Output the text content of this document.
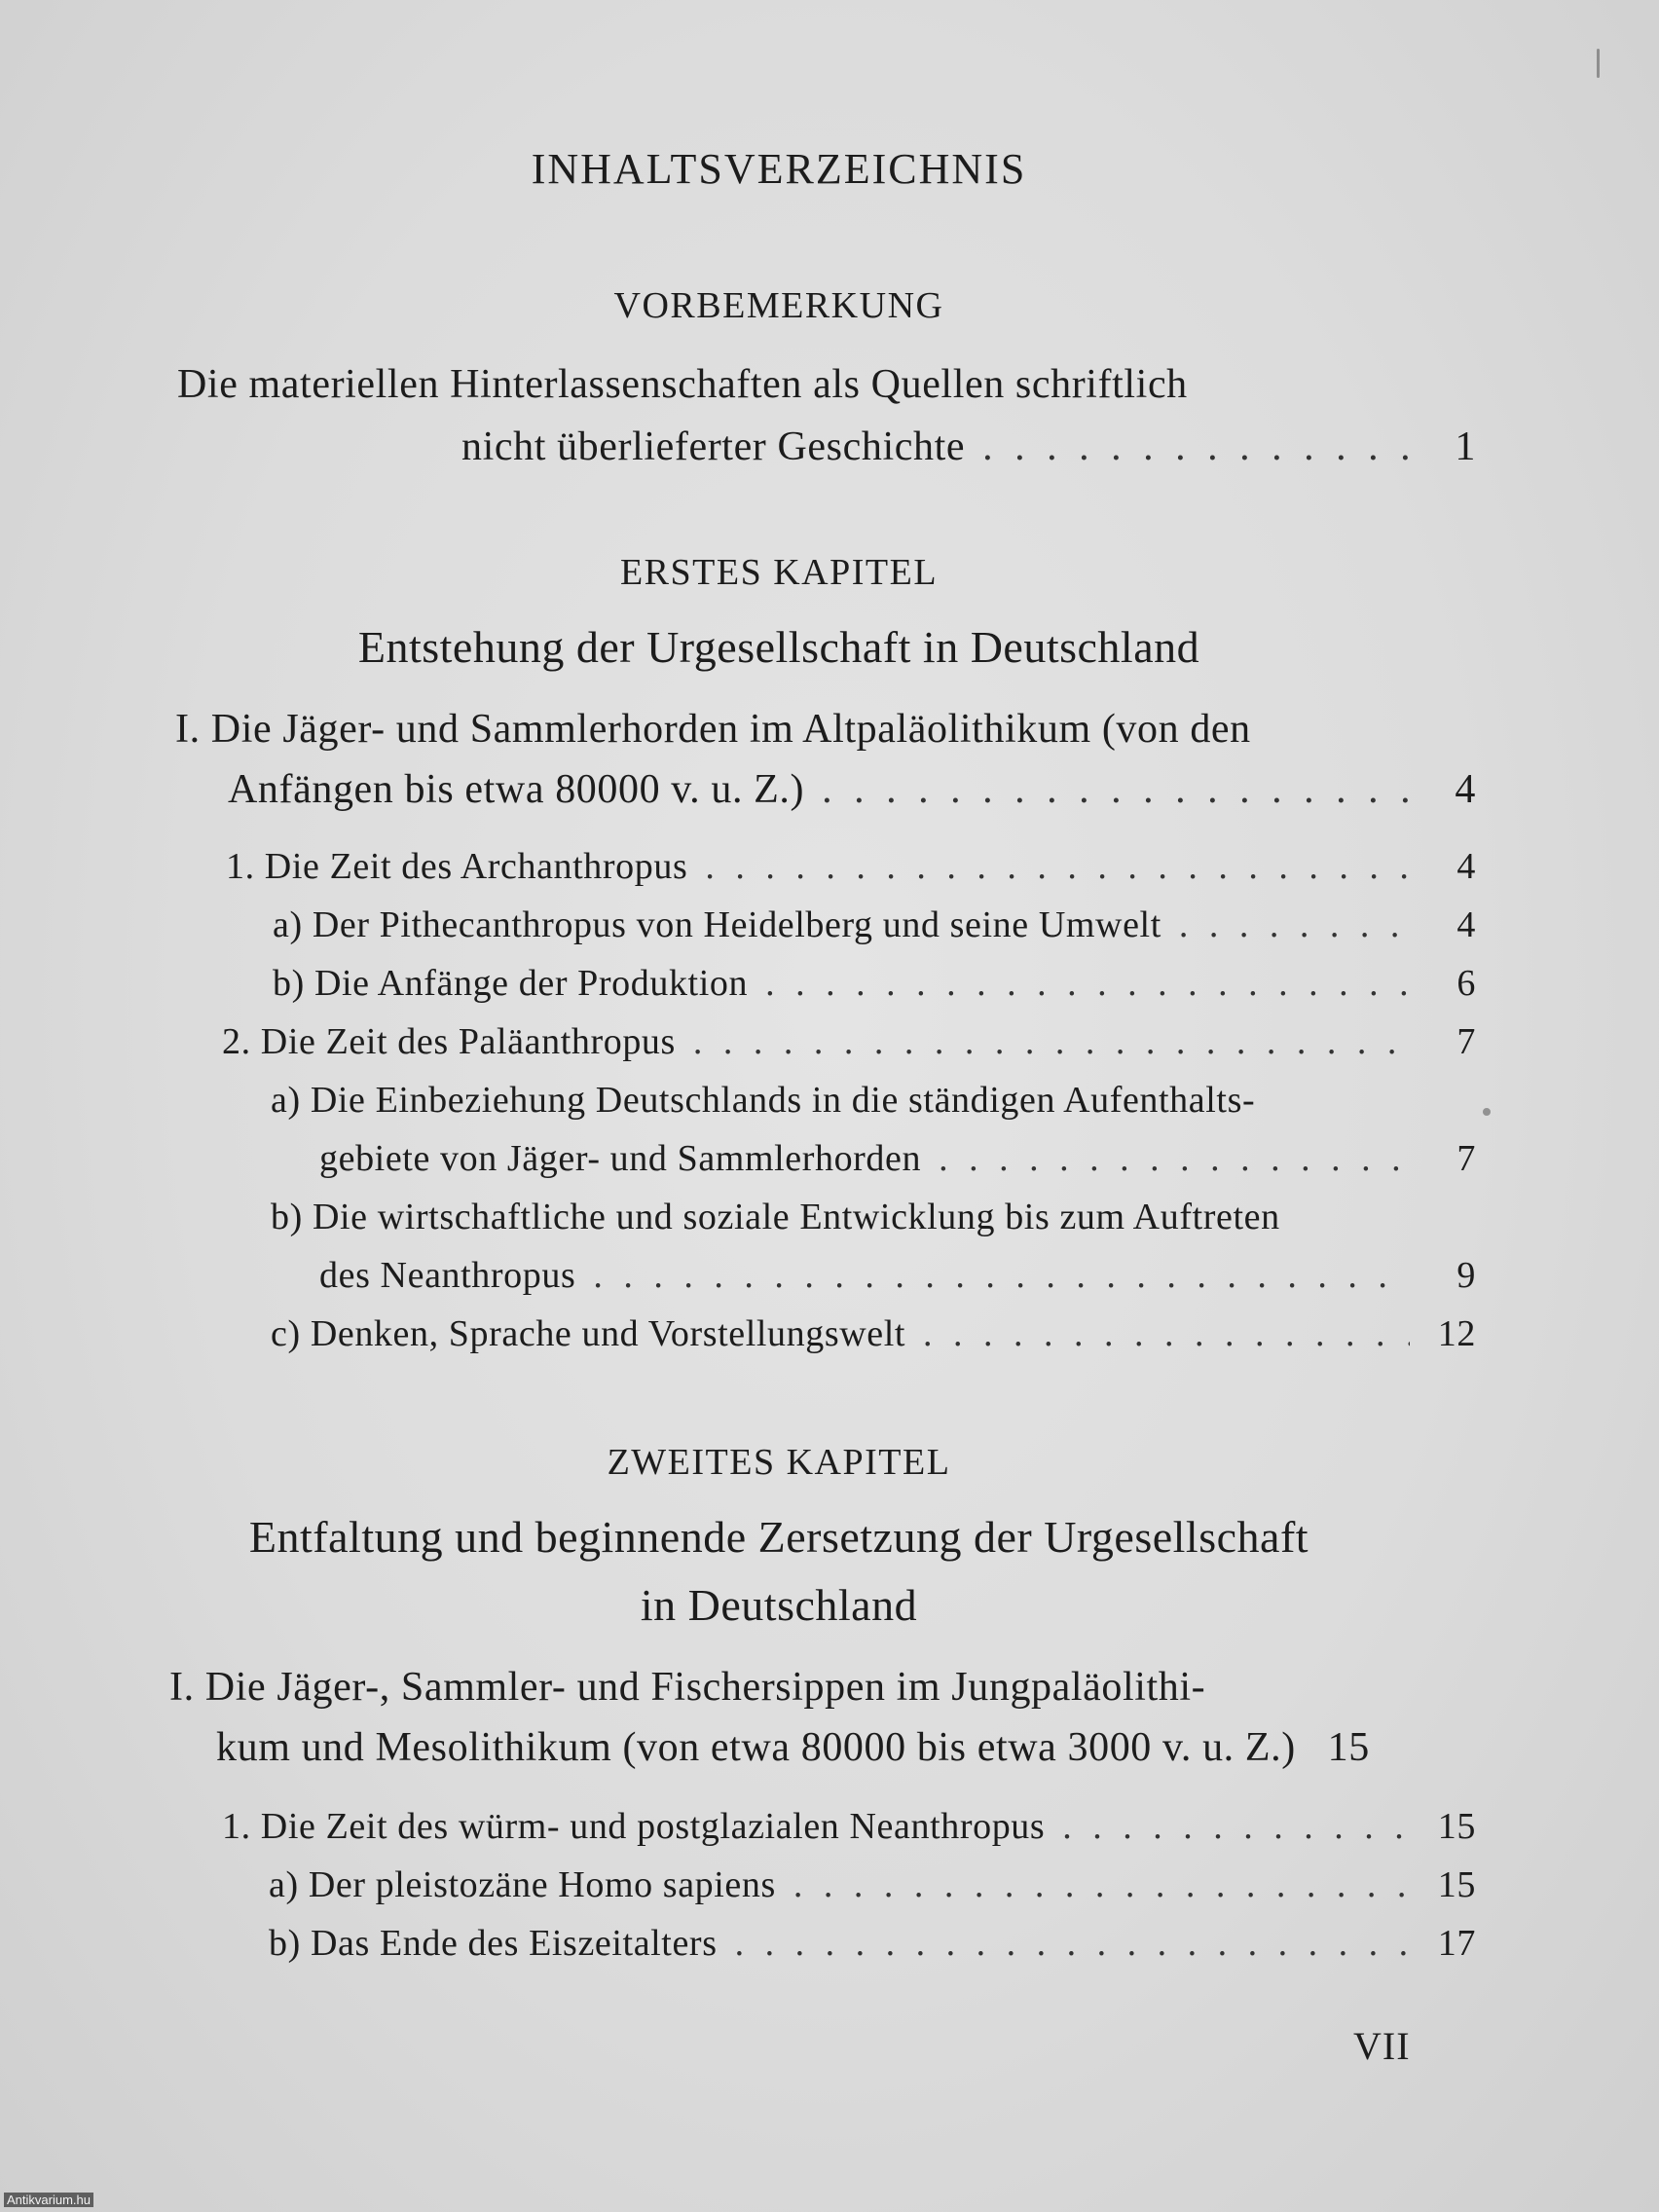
INHALTSVERZEICHNIS
VORBEMERKUNG
Die materiellen Hinterlassenschaften als Quellen schriftlich
nicht überlieferter Geschichte . . .	1
ERSTES KAPITEL
Entstehung der Urgesellschaft in Deutschland
I. Die Jäger- und Sammlerhorden im Altpaläolithikum (von den
Anfängen bis etwa 80000 v. u. Z.) . . .	4
1. Die Zeit des Archanthropus . . .	4
a) Der Pithecanthropus von Heidelberg und seine Umwelt . . .	4
b) Die Anfänge der Produktion . . .	6
2. Die Zeit des Paläanthropus . . .	7
a) Die Einbeziehung Deutschlands in die ständigen Aufenthalts-
gebiete von Jäger- und Sammlerhorden . . .	7
b) Die wirtschaftliche und soziale Entwicklung bis zum Auftreten
des Neanthropus . . .	9
c) Denken, Sprache und Vorstellungswelt . . .	12
ZWEITES KAPITEL
Entfaltung und beginnende Zersetzung der Urgesellschaft
in Deutschland
I. Die Jäger-, Sammler- und Fischersippen im Jungpaläolithi-
kum und Mesolithikum (von etwa 80000 bis etwa 3000 v. u. Z.) 15
1. Die Zeit des würm- und postglazialen Neanthropus . . .	15
a) Der pleistozäne Homo sapiens . . .	15
b) Das Ende des Eiszeitalters . . .	17
VII
Antikvarium.hu
